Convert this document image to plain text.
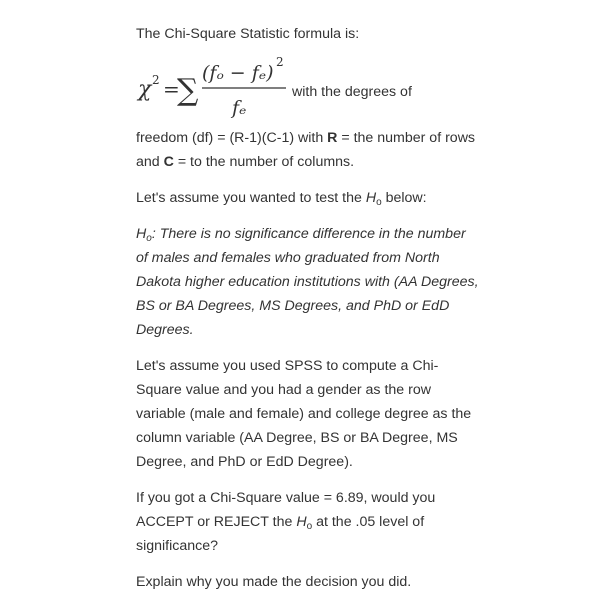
The Chi-Square Statistic formula is:

χ 2 =
∑ (fₒ − fₑ) 2
fₑ
with the degrees of

freedom (df) = (R-1)(C-1) with R = the number of rows and C = to the number of columns.

Let's assume you wanted to test the $H_o$ below:

$H_o$: There is no significance difference in the number of males and females who graduated from North Dakota higher education institutions with (AA Degrees, BS or BA Degrees, MS Degrees, and PhD or EdD Degrees.

Let's assume you used SPSS to compute a Chi-Square value and you had a gender as the row variable (male and female) and college degree as the column variable (AA Degree, BS or BA Degree, MS Degree, and PhD or EdD Degree).

If you got a Chi-Square value = 6.89, would you ACCEPT or REJECT the $H_o$ at the .05 level of significance?

Explain why you made the decision you did.
